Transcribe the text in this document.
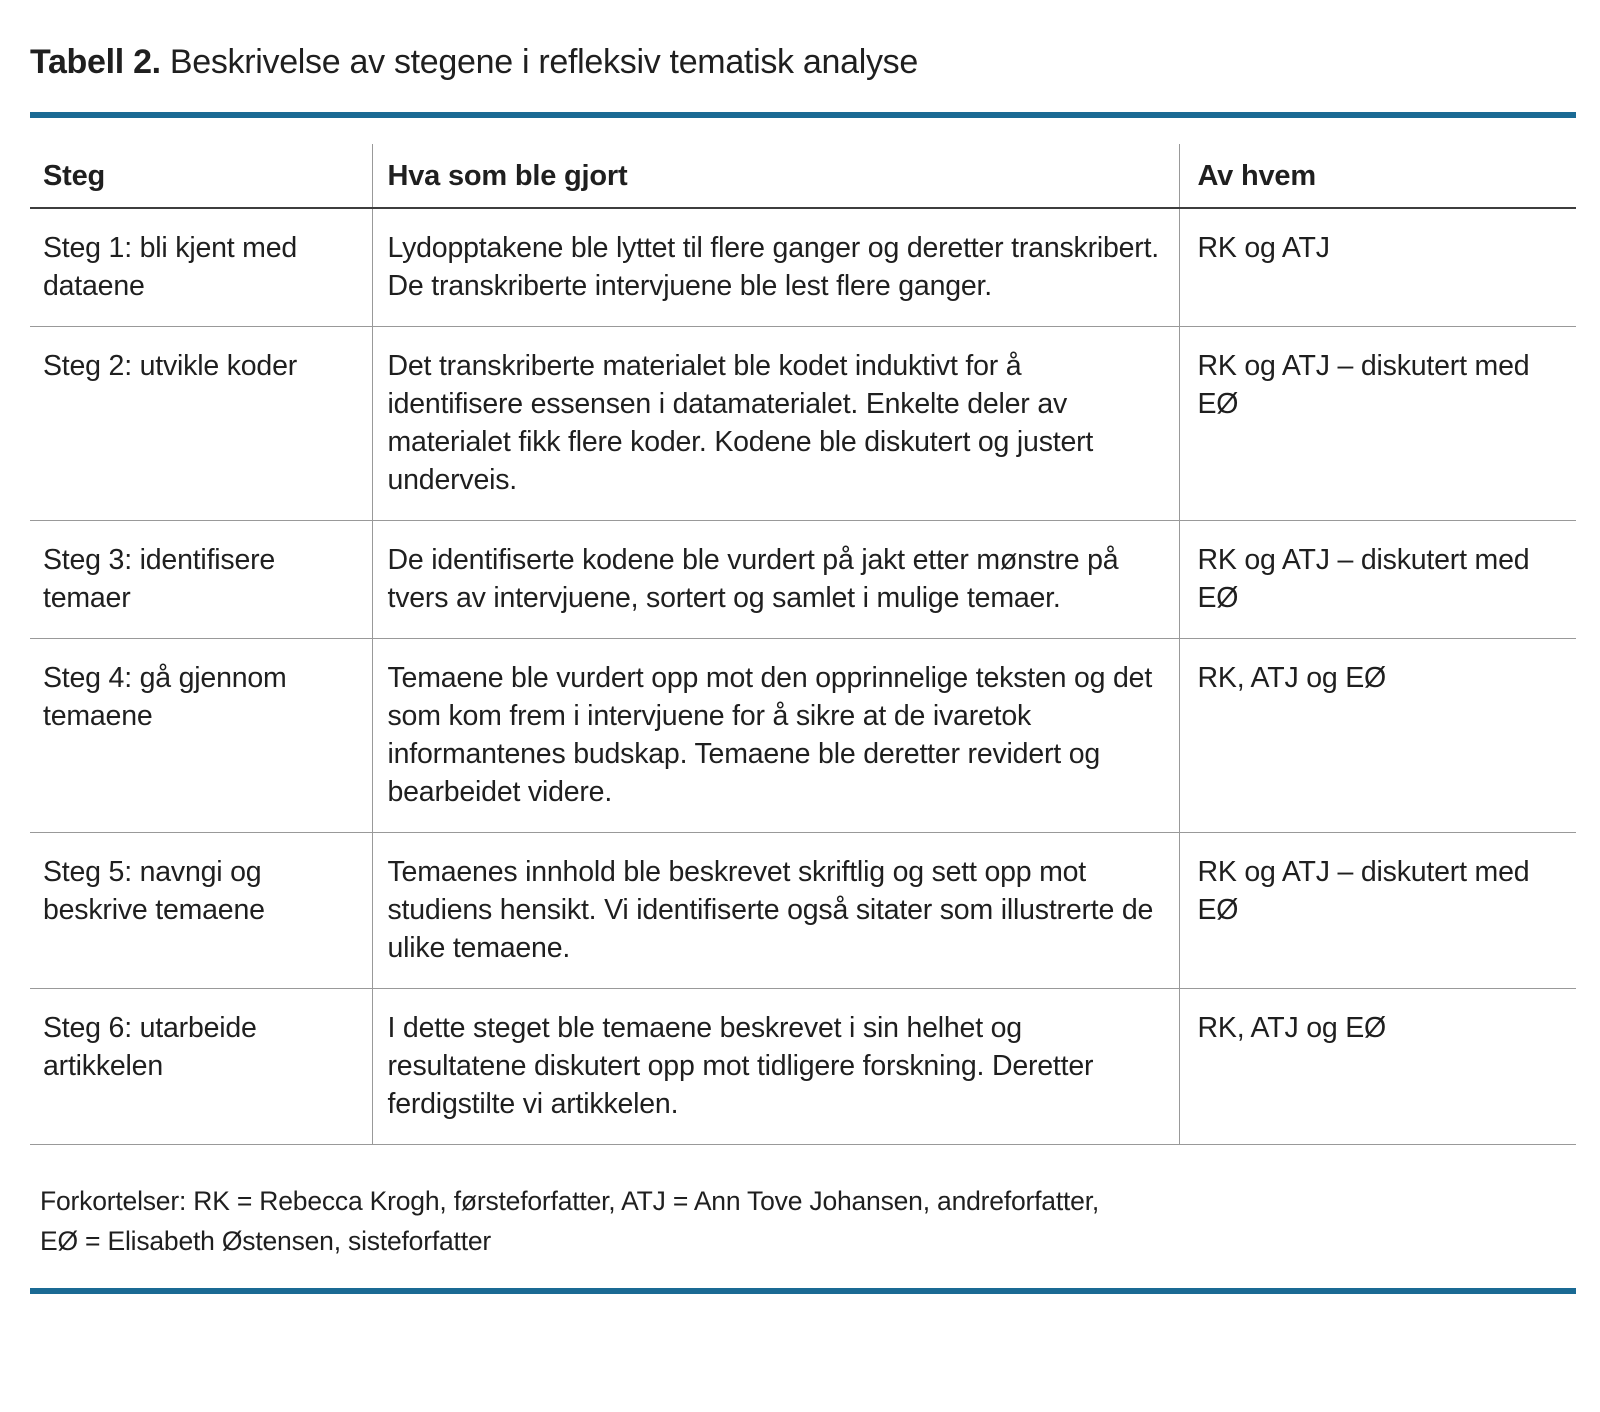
Tabell 2. Beskrivelse av stegene i refleksiv tematisk analyse
Steg	Hva som ble gjort	Av hvem
Steg 1: bli kjent med dataene	Lydopptakene ble lyttet til flere ganger og deretter transkribert. De transkriberte intervjuene ble lest flere ganger.	RK og ATJ
Steg 2: utvikle koder	Det transkriberte materialet ble kodet induktivt for å identifisere essensen i datamaterialet. Enkelte deler av materialet fikk flere koder. Kodene ble diskutert og justert underveis.	RK og ATJ – diskutert med EØ
Steg 3: identifisere temaer	De identifiserte kodene ble vurdert på jakt etter mønstre på tvers av intervjuene, sortert og samlet i mulige temaer.	RK og ATJ – diskutert med EØ
Steg 4: gå gjennom temaene	Temaene ble vurdert opp mot den opprinnelige teksten og det som kom frem i intervjuene for å sikre at de ivaretok informantenes budskap. Temaene ble deretter revidert og bearbeidet videre.	RK, ATJ og EØ
Steg 5: navngi og beskrive temaene	Temaenes innhold ble beskrevet skriftlig og sett opp mot studiens hensikt. Vi identifiserte også sitater som illustrerte de ulike temaene.	RK og ATJ – diskutert med EØ
Steg 6: utarbeide artikkelen	I dette steget ble temaene beskrevet i sin helhet og resultatene diskutert opp mot tidligere forskning. Deretter ferdigstilte vi artikkelen.	RK, ATJ og EØ
Forkortelser: RK = Rebecca Krogh, førsteforfatter, ATJ = Ann Tove Johansen, andreforfatter,
EØ = Elisabeth Østensen, sisteforfatter
